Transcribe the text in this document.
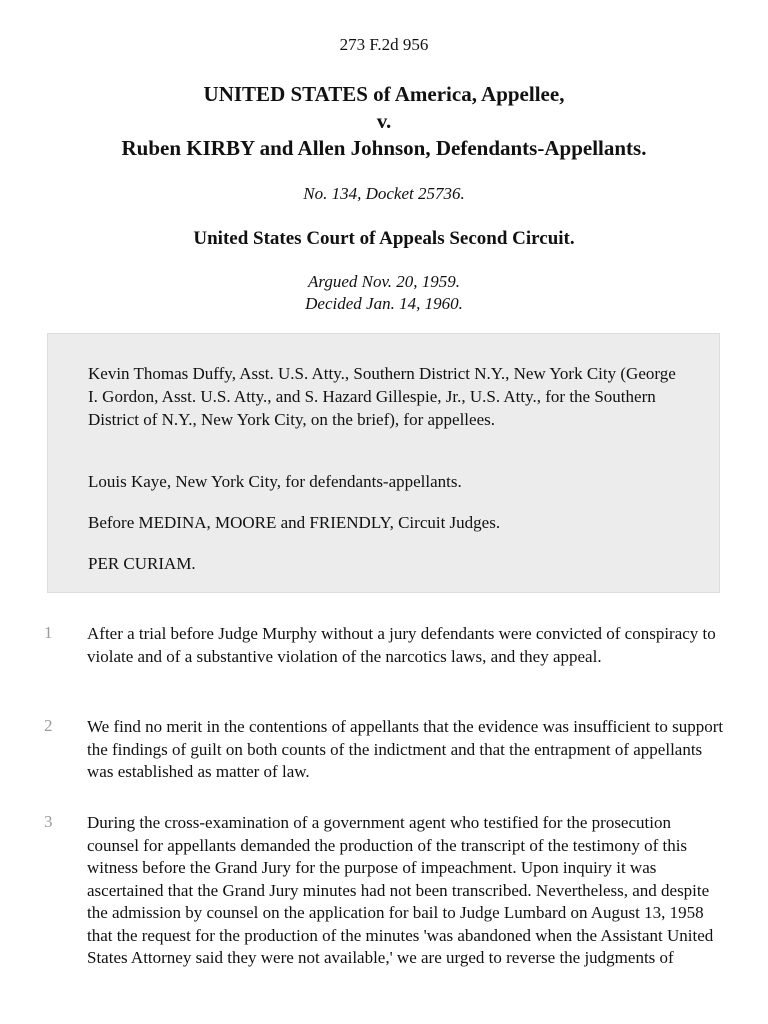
273 F.2d 956
UNITED STATES of America, Appellee,
v.
Ruben KIRBY and Allen Johnson, Defendants-Appellants.
No. 134, Docket 25736.
United States Court of Appeals Second Circuit.
Argued Nov. 20, 1959.
Decided Jan. 14, 1960.

Kevin Thomas Duffy, Asst. U.S. Atty., Southern District N.Y., New York City (George I. Gordon, Asst. U.S. Atty., and S. Hazard Gillespie, Jr., U.S. Atty., for the Southern District of N.Y., New York City, on the brief), for appellees.

Louis Kaye, New York City, for defendants-appellants.

Before MEDINA, MOORE and FRIENDLY, Circuit Judges.

PER CURIAM.

1 After a trial before Judge Murphy without a jury defendants were convicted of conspiracy to violate and of a substantive violation of the narcotics laws, and they appeal.

2 We find no merit in the contentions of appellants that the evidence was insufficient to support the findings of guilt on both counts of the indictment and that the entrapment of appellants was established as matter of law.

3 During the cross-examination of a government agent who testified for the prosecution counsel for appellants demanded the production of the transcript of the testimony of this witness before the Grand Jury for the purpose of impeachment. Upon inquiry it was ascertained that the Grand Jury minutes had not been transcribed. Nevertheless, and despite the admission by counsel on the application for bail to Judge Lumbard on August 13, 1958 that the request for the production of the minutes 'was abandoned when the Assistant United States Attorney said they were not available,' we are urged to reverse the judgments of
